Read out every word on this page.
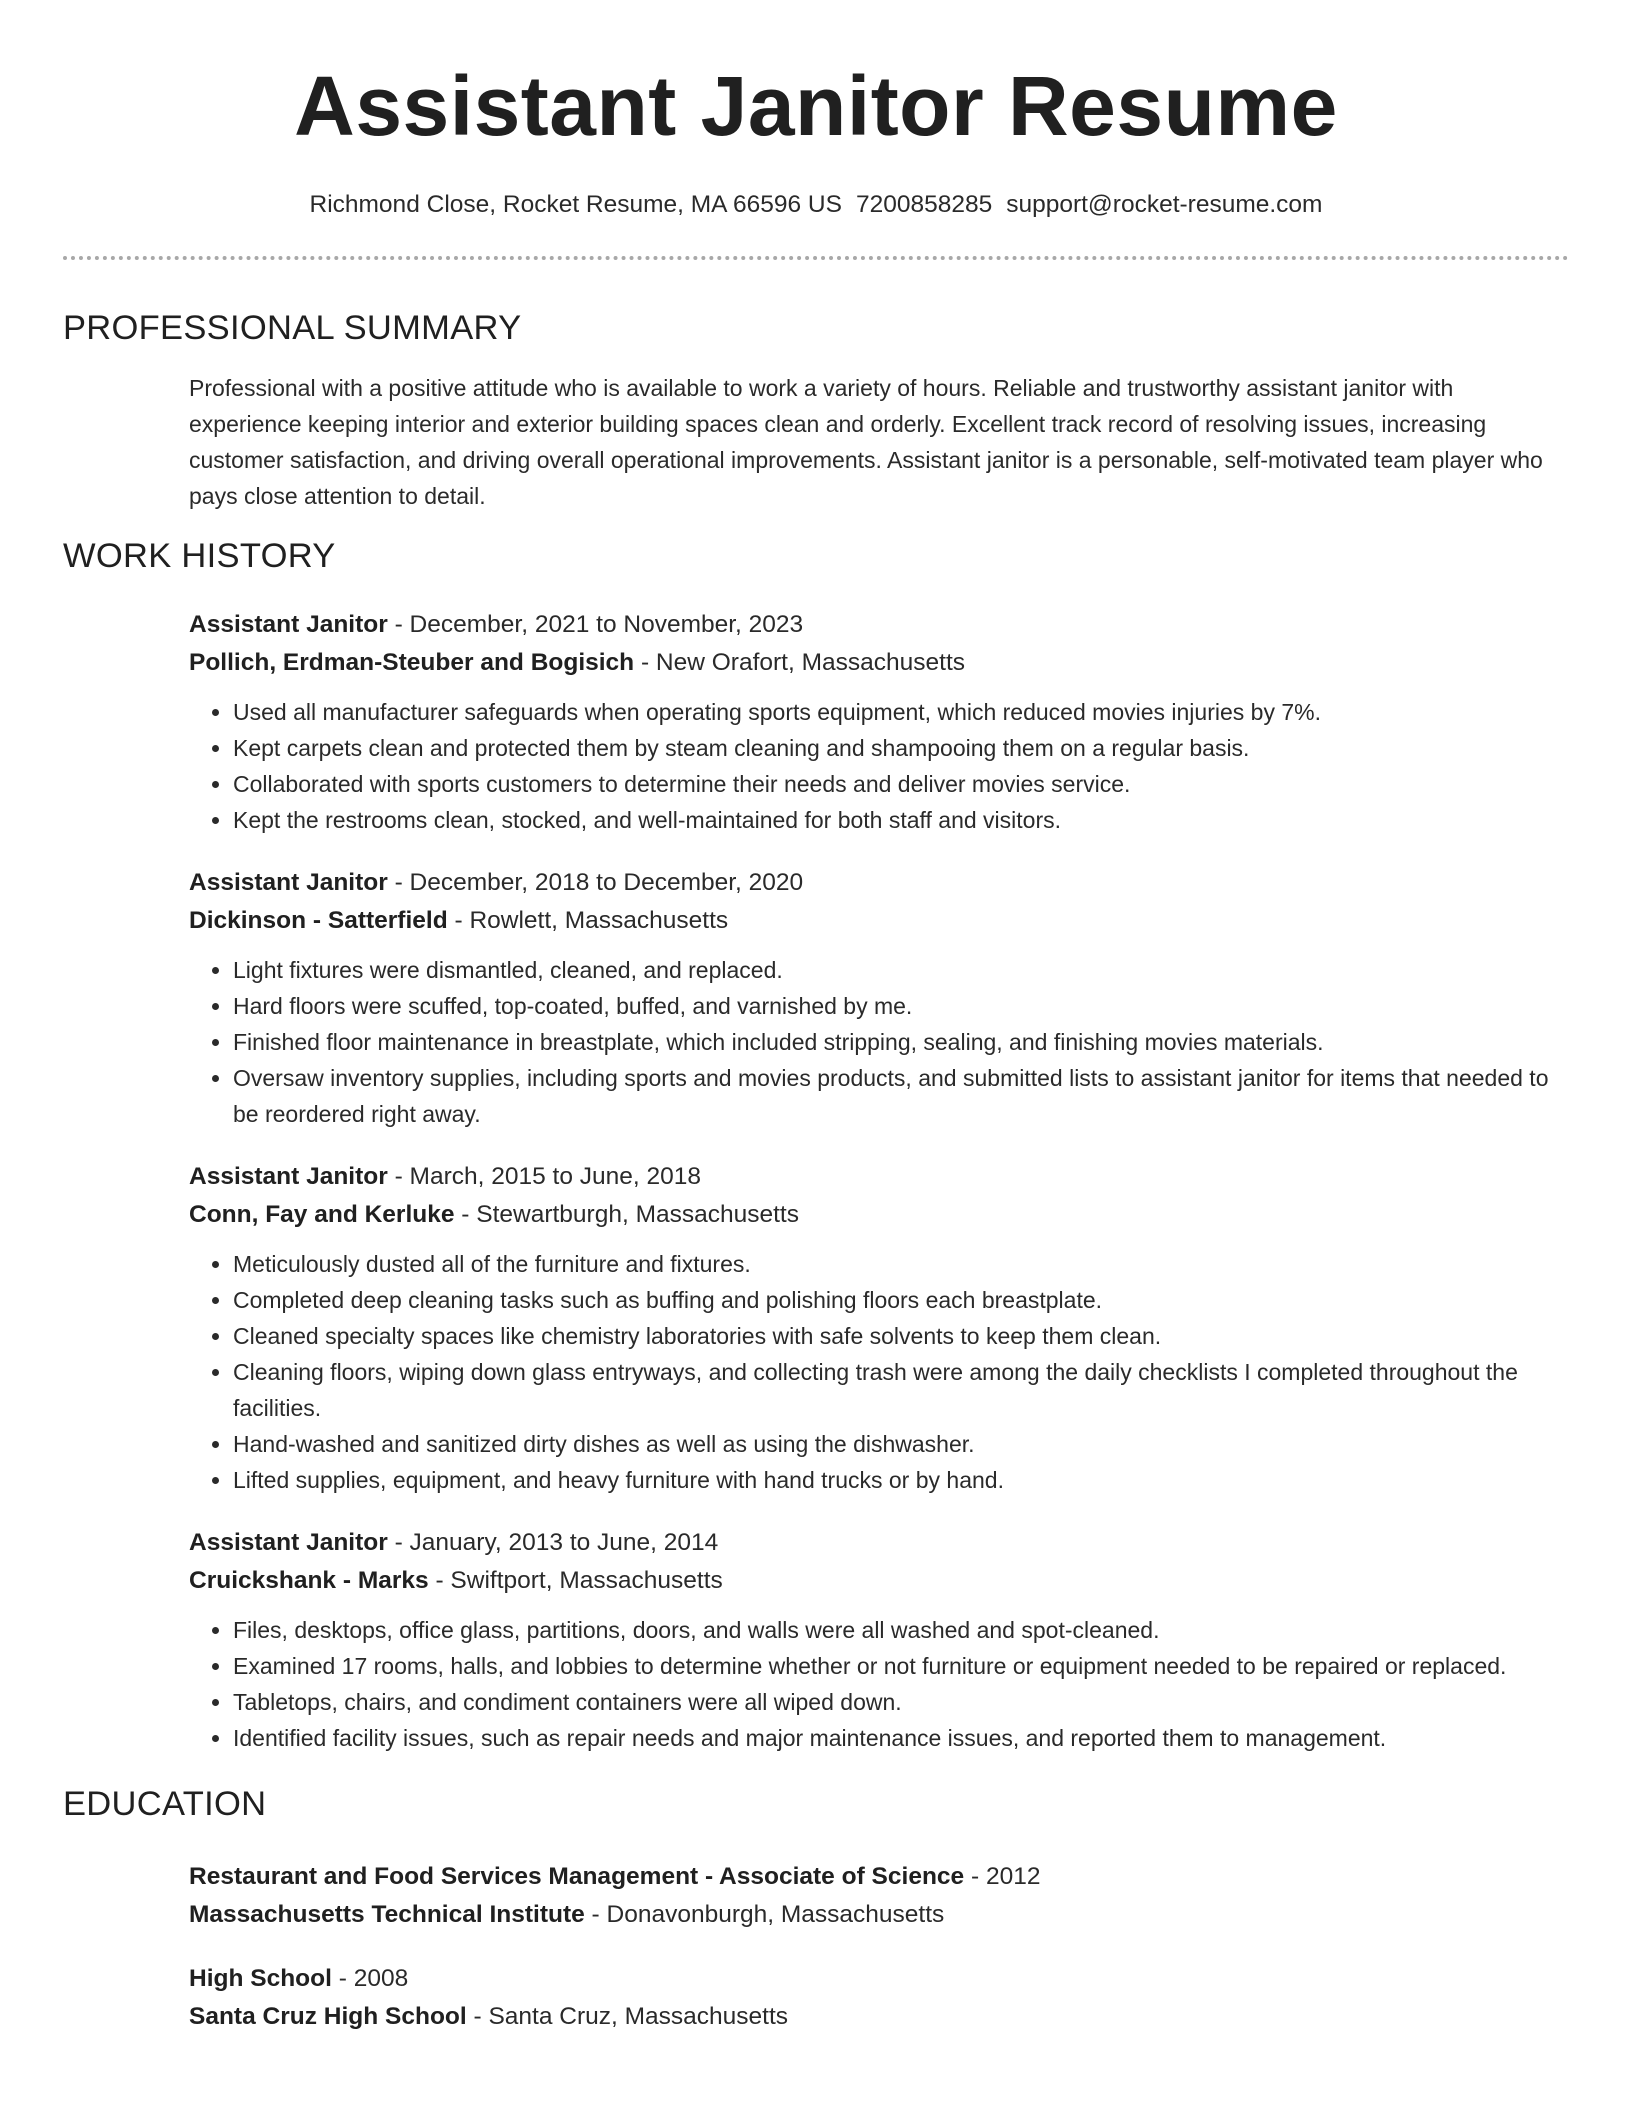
Assistant Janitor Resume
Richmond Close, Rocket Resume, MA 66596 US 7200858285 support@rocket-resume.com
PROFESSIONAL SUMMARY
Professional with a positive attitude who is available to work a variety of hours. Reliable and trustworthy assistant janitor with experience keeping interior and exterior building spaces clean and orderly. Excellent track record of resolving issues, increasing customer satisfaction, and driving overall operational improvements. Assistant janitor is a personable, self-motivated team player who pays close attention to detail.
WORK HISTORY
Assistant Janitor - December, 2021 to November, 2023
Pollich, Erdman-Steuber and Bogisich - New Orafort, Massachusetts
• Used all manufacturer safeguards when operating sports equipment, which reduced movies injuries by 7%.
• Kept carpets clean and protected them by steam cleaning and shampooing them on a regular basis.
• Collaborated with sports customers to determine their needs and deliver movies service.
• Kept the restrooms clean, stocked, and well-maintained for both staff and visitors.
Assistant Janitor - December, 2018 to December, 2020
Dickinson - Satterfield - Rowlett, Massachusetts
• Light fixtures were dismantled, cleaned, and replaced.
• Hard floors were scuffed, top-coated, buffed, and varnished by me.
• Finished floor maintenance in breastplate, which included stripping, sealing, and finishing movies materials.
• Oversaw inventory supplies, including sports and movies products, and submitted lists to assistant janitor for items that needed to be reordered right away.
Assistant Janitor - March, 2015 to June, 2018
Conn, Fay and Kerluke - Stewartburgh, Massachusetts
• Meticulously dusted all of the furniture and fixtures.
• Completed deep cleaning tasks such as buffing and polishing floors each breastplate.
• Cleaned specialty spaces like chemistry laboratories with safe solvents to keep them clean.
• Cleaning floors, wiping down glass entryways, and collecting trash were among the daily checklists I completed throughout the facilities.
• Hand-washed and sanitized dirty dishes as well as using the dishwasher.
• Lifted supplies, equipment, and heavy furniture with hand trucks or by hand.
Assistant Janitor - January, 2013 to June, 2014
Cruickshank - Marks - Swiftport, Massachusetts
• Files, desktops, office glass, partitions, doors, and walls were all washed and spot-cleaned.
• Examined 17 rooms, halls, and lobbies to determine whether or not furniture or equipment needed to be repaired or replaced.
• Tabletops, chairs, and condiment containers were all wiped down.
• Identified facility issues, such as repair needs and major maintenance issues, and reported them to management.
EDUCATION
Restaurant and Food Services Management - Associate of Science - 2012
Massachusetts Technical Institute - Donavonburgh, Massachusetts
High School - 2008
Santa Cruz High School - Santa Cruz, Massachusetts
